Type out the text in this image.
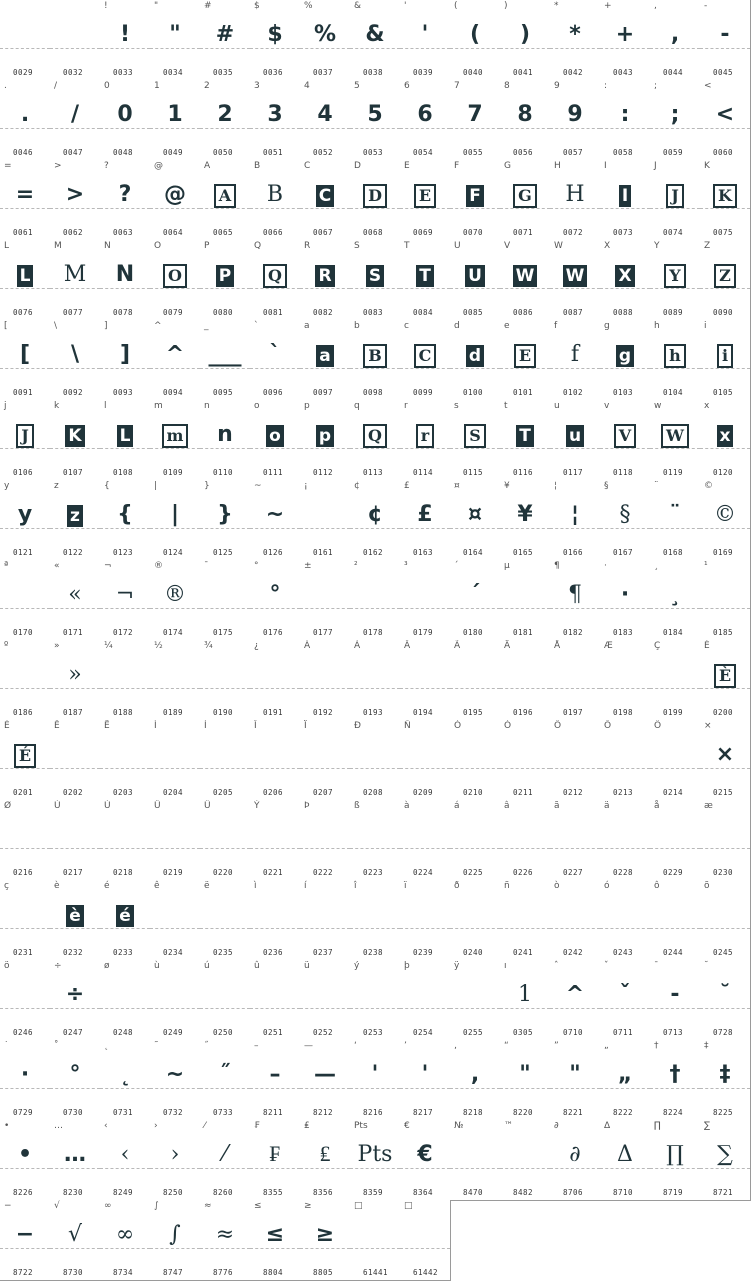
0029	0032
!
!
0033
"
"
0034
#
#
0035
$
$
0036
%
%
0037
&
&
0038
'
'
0039
(
(
0040
)
)
0041
*
*
0042
+
+
0043
,
,
0044
-
-
0045
.
.
0046
/
/
0047
0
0
0048
1
1
0049
2
2
0050
3
3
0051
4
4
0052
5
5
0053
6
6
0054
7
7
0055
8
8
0056
9
9
0057
:
:
0058
;
;
0059
<
<
0060
=
=
0061
>
>
0062
?
?
0063
@
@
0064
A
A
0065
B
B
0066
C
C
0067
D
D
0068
E
E
0069
F
F
0070
G
G
0071
H
H
0072
I
I
0073
J
J
0074
K
K
0075
L
L
0076
M
M
0077
N
N
0078
O
O
0079
P
P
0080
Q
Q
0081
R
R
0082
S
S
0083
T
T
0084
U
U
0085
V
W
0086
W
W
0087
X
X
0088
Y
Y
0089
Z
Z
0090
[
[
0091
\
\
0092
]
]
0093
^
^
0094
_
___
0095
`
`
0096
a
a
0097
b
B
0098
c
C
0099
d
d
0100
e
E
0101
f
f
0102
g
g
0103
h
h
0104
i
i
0105
j
J
0106
k
K
0107
l
L
0108
m
m
0109
n
n
0110
o
o
0111
p
p
0112
q
Q
0113
r
r
0114
s
S
0115
t
T
0116
u
u
0117
v
V
0118
w
W
0119
x
x
0120
y
y
0121
z
z
0122
{
{
0123
|
|
0124
}
}
0125
~
~
0126
¡
0161
¢
¢
0162
£
£
0163
¤
¤
0164
¥
¥
0165
¦
¦
0166
§
§
0167
¨
¨
0168
©
©
0169
ª
0170
«
«
0171
¬
¬
0172
®
®
0174
¯
0175
°
°
0176
±
0177
²
0178
³
0179
´
´
0180
µ
0181
¶
¶
0182
·
·
0183
¸
¸
0184
¹
0185
º
0186
»
»
0187
¼
0188
½
0189
¾
0190
¿
0191
À
0192
Á
0193
Â
0194
Ã
0195
Ä
0196
Å
0197
Æ
0198
Ç
0199
È
È
0200
É
É
0201
Ê
0202
Ë
0203
Ì
0204
Í
0205
Î
0206
Ï
0207
Ð
0208
Ñ
0209
Ò
0210
Ó
0211
Ô
0212
Õ
0213
Ö
0214
×
×
0215
Ø
0216
Ù
0217
Ú
0218
Û
0219
Ü
0220
Ý
0221
Þ
0222
ß
0223
à
0224
á
0225
â
0226
ã
0227
ä
0228
å
0229
æ
0230
ç
0231
è
è
0232
é
é
0233
ê
0234
ë
0235
ì
0236
í
0237
î
0238
ï
0239
ð
0240
ñ
0241
ò
0242
ó
0243
ô
0244
õ
0245
ö
0246
÷
÷
0247
ø
0248
ù
0249
ú
0250
û
0251
ü
0252
ý
0253
þ
0254
ÿ
0255
ı
1
0305
ˆ
^
0710
ˇ
ˇ
0711
ˉ
-
0713
˘
˘
0728
˙
·
0729
˚
°
0730
˛
˛
0731
˜
~
0732
˝
˝
0733
–
–
8211
—
—
8212
‘
'
8216
’
'
8217
‚
,
8218
“
"
8220
”
"
8221
„
„
8222
†
†
8224
‡
‡
8225
•
•
8226
…
…
8230
‹
‹
8249
›
›
8250
⁄
⁄
8260
₣
₣
8355
₤
₤
8356
Pts
Pts
8359
€
€
8364
№
8470
™
8482
∂
∂
8706
Δ
Δ
8710
∏
∏
8719
∑
∑
8721
−
−
8722
√
√
8730
∞
∞
8734
∫
∫
8747
≈
≈
8776
≤
≤
8804
≥
≥
8805
□
61441
□
61442
